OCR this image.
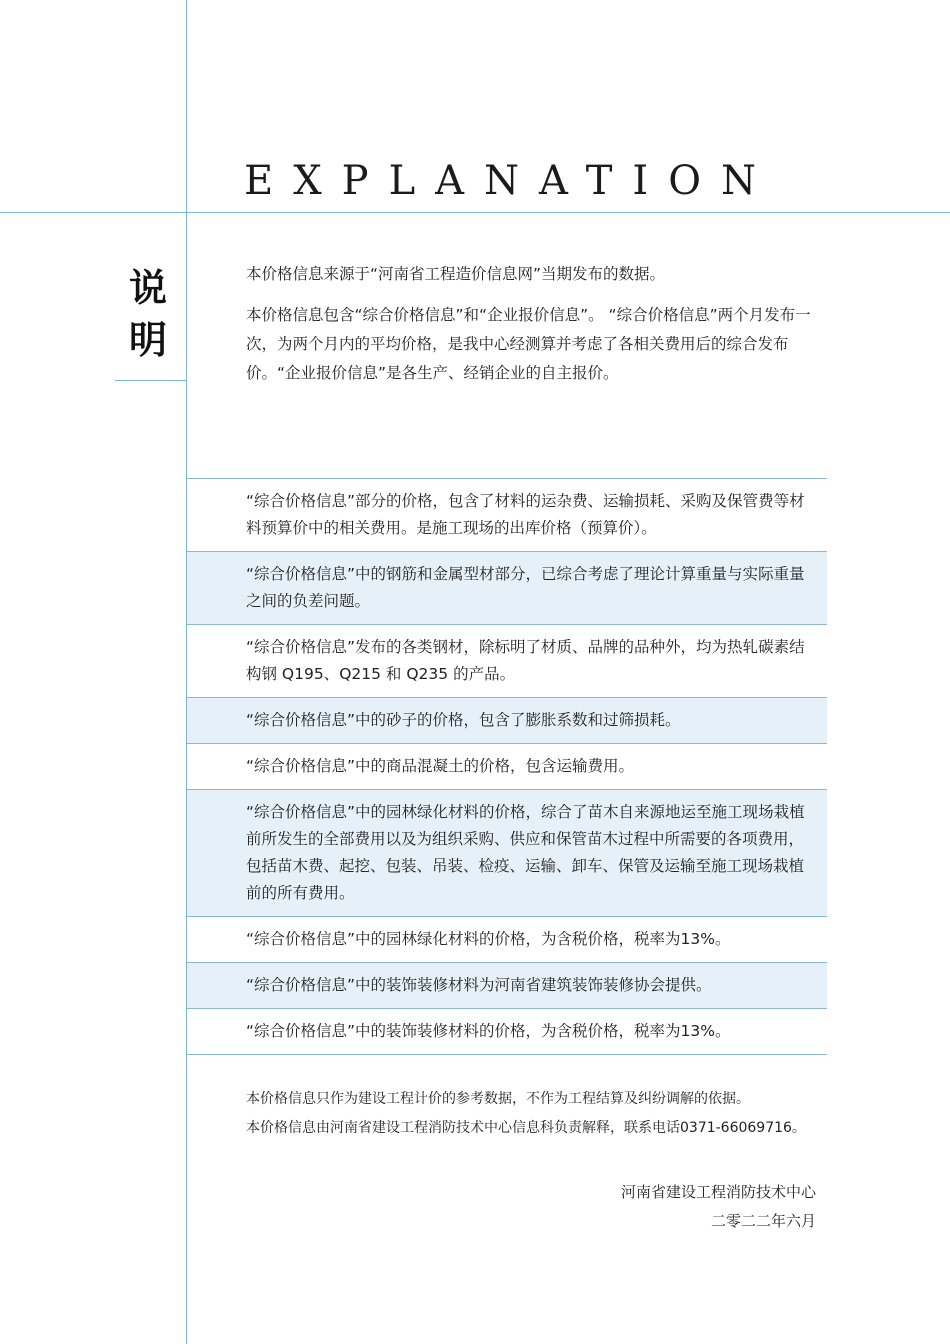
EXPLANATION
说明

本价格信息来源于“河南省工程造价信息网”当期发布的数据。

本价格信息包含“综合价格信息”和“企业报价信息”。 “综合价格信息”两个月发布一次，为两个月内的平均价格，是我中心经测算并考虑了各相关费用后的综合发布价。“企业报价信息”是各生产、经销企业的自主报价。

“综合价格信息”部分的价格，包含了材料的运杂费、运输损耗、采购及保管费等材料预算价中的相关费用。是施工现场的出库价格（预算价）。
“综合价格信息”中的钢筋和金属型材部分，已综合考虑了理论计算重量与实际重量之间的负差问题。
“综合价格信息”发布的各类钢材，除标明了材质、品牌的品种外，均为热轧碳素结构钢 Q195、Q215 和 Q235 的产品。
“综合价格信息”中的砂子的价格，包含了膨胀系数和过筛损耗。
“综合价格信息”中的商品混凝土的价格，包含运输费用。
“综合价格信息”中的园林绿化材料的价格，综合了苗木自来源地运至施工现场栽植前所发生的全部费用以及为组织采购、供应和保管苗木过程中所需要的各项费用，包括苗木费、起挖、包装、吊装、检疫、运输、卸车、保管及运输至施工现场栽植前的所有费用。
“综合价格信息”中的园林绿化材料的价格，为含税价格，税率为13%。
“综合价格信息”中的装饰装修材料为河南省建筑装饰装修协会提供。
“综合价格信息”中的装饰装修材料的价格，为含税价格，税率为13%。
本价格信息只作为建设工程计价的参考数据，不作为工程结算及纠纷调解的依据。
本价格信息由河南省建设工程消防技术中心信息科负责解释，联系电话0371-66069716。
河南省建设工程消防技术中心
二零二二年六月
